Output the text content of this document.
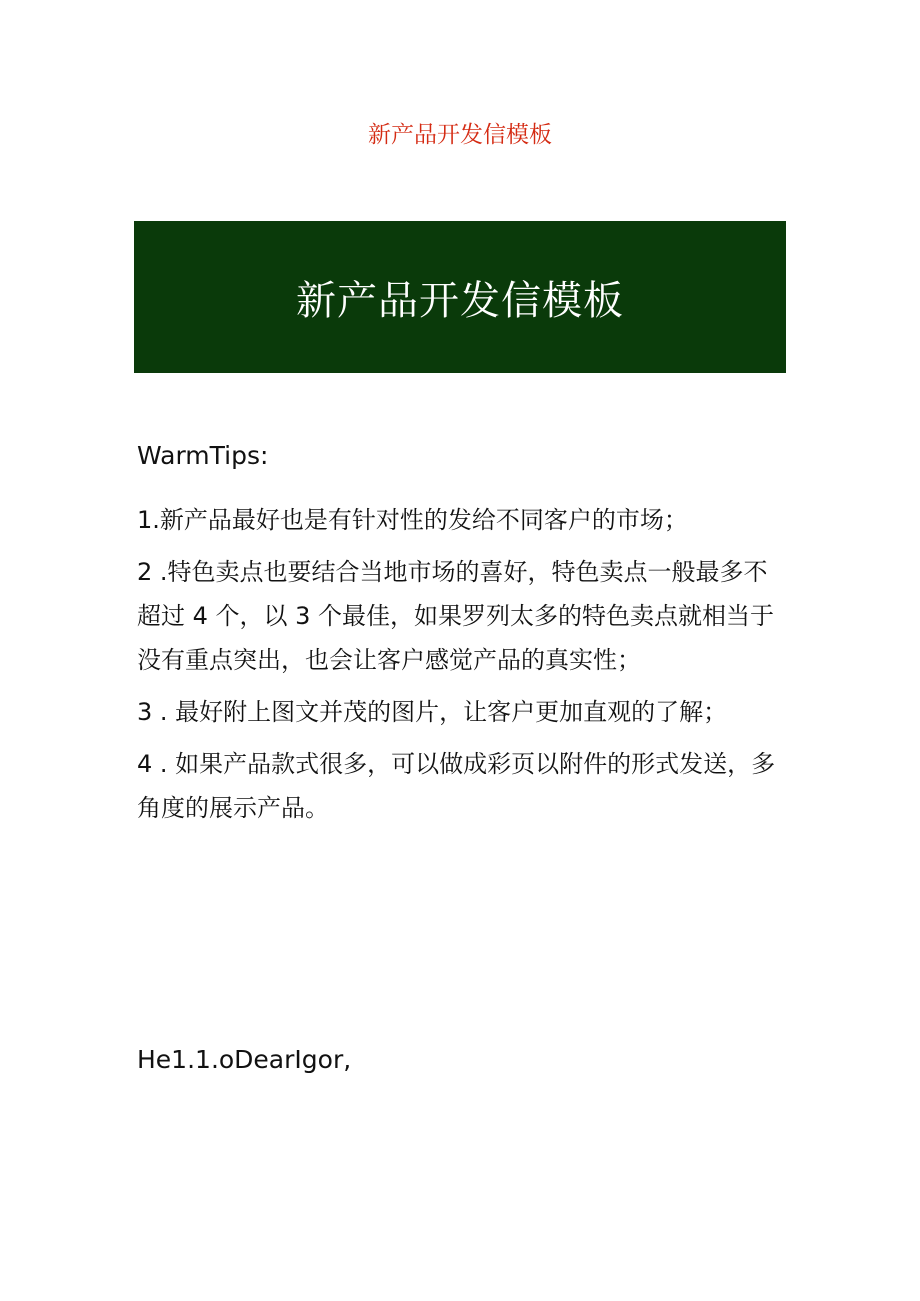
新产品开发信模板
新产品开发信模板
WarmTips:
1.新产品最好也是有针对性的发给不同客户的市场；
2 .特色卖点也要结合当地市场的喜好，特色卖点一般最多不超过 4 个，以 3 个最佳，如果罗列太多的特色卖点就相当于没有重点突出，也会让客户感觉产品的真实性；
3 . 最好附上图文并茂的图片，让客户更加直观的了解；
4 . 如果产品款式很多，可以做成彩页以附件的形式发送，多角度的展示产品。
He1.1.oDearIgor,
